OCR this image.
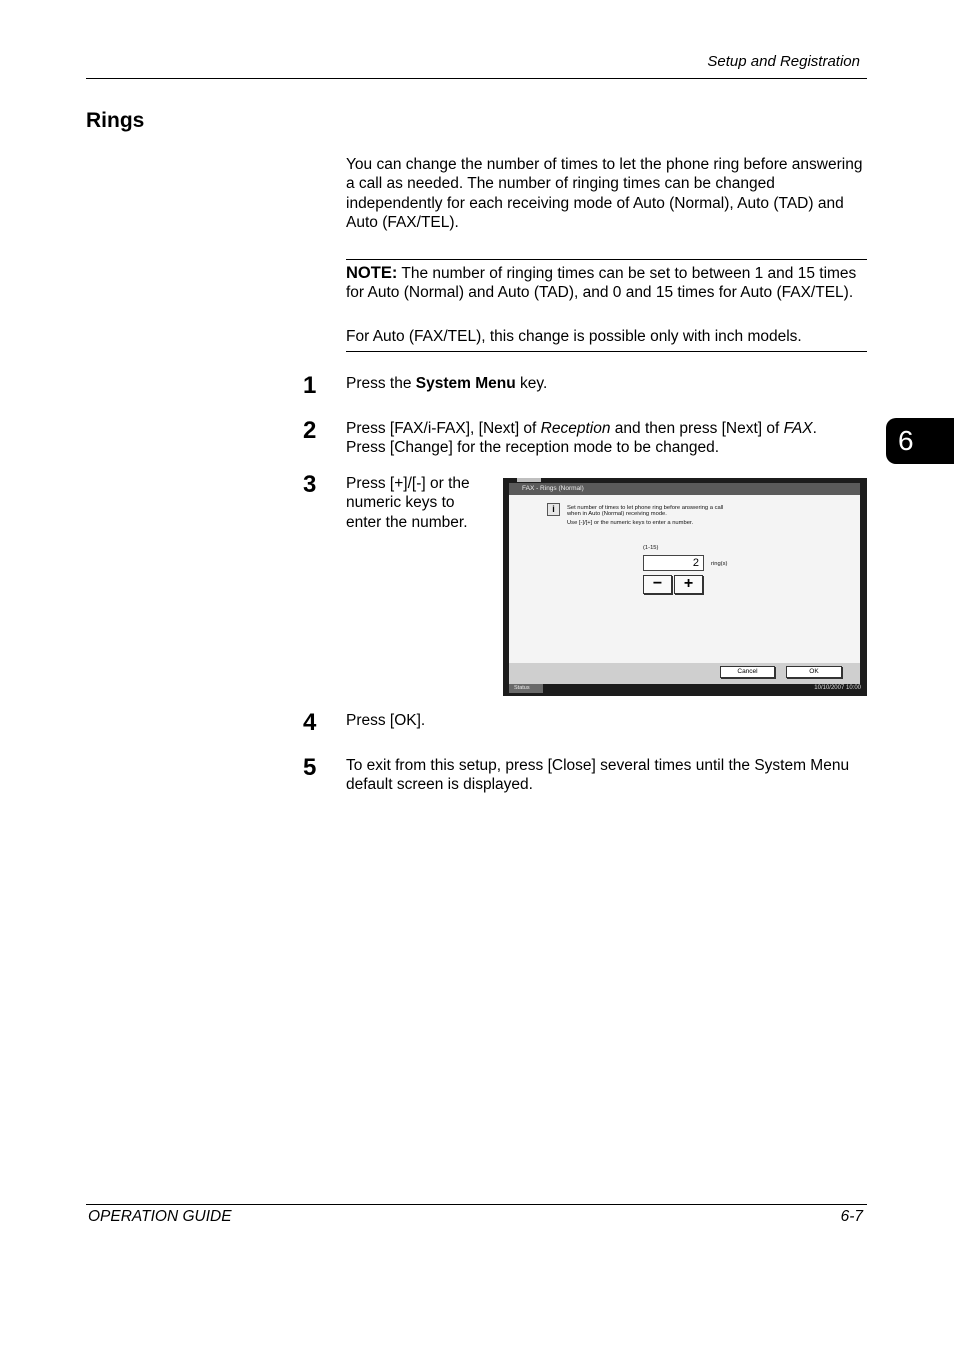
Setup and Registration
Rings
You can change the number of times to let the phone ring before answering a call as needed. The number of ringing times can be changed independently for each receiving mode of Auto (Normal), Auto (TAD) and Auto (FAX/TEL).
NOTE: The number of ringing times can be set to between 1 and 15 times for Auto (Normal) and Auto (TAD), and 0 and 15 times for Auto (FAX/TEL).
For Auto (FAX/TEL), this change is possible only with inch models.
6
1 Press the System Menu key.
2 Press [FAX/i-FAX], [Next] of Reception and then press [Next] of FAX.
Press [Change] for the reception mode to be changed.
3 Press [+]/[-] or the numeric keys to enter the number.
FAX - Rings (Normal)
i	Set number of times to let phone ring before answering a call
when in Auto (Normal) receiving mode.
Use [-]/[+] or the numeric keys to enter a number.
(1-15)
2	ring(s)
−	+
Cancel	OK
Status	10/10/2007 10:00
4 Press [OK].
5 To exit from this setup, press [Close] several times until the System Menu default screen is displayed.
OPERATION GUIDE	6-7
